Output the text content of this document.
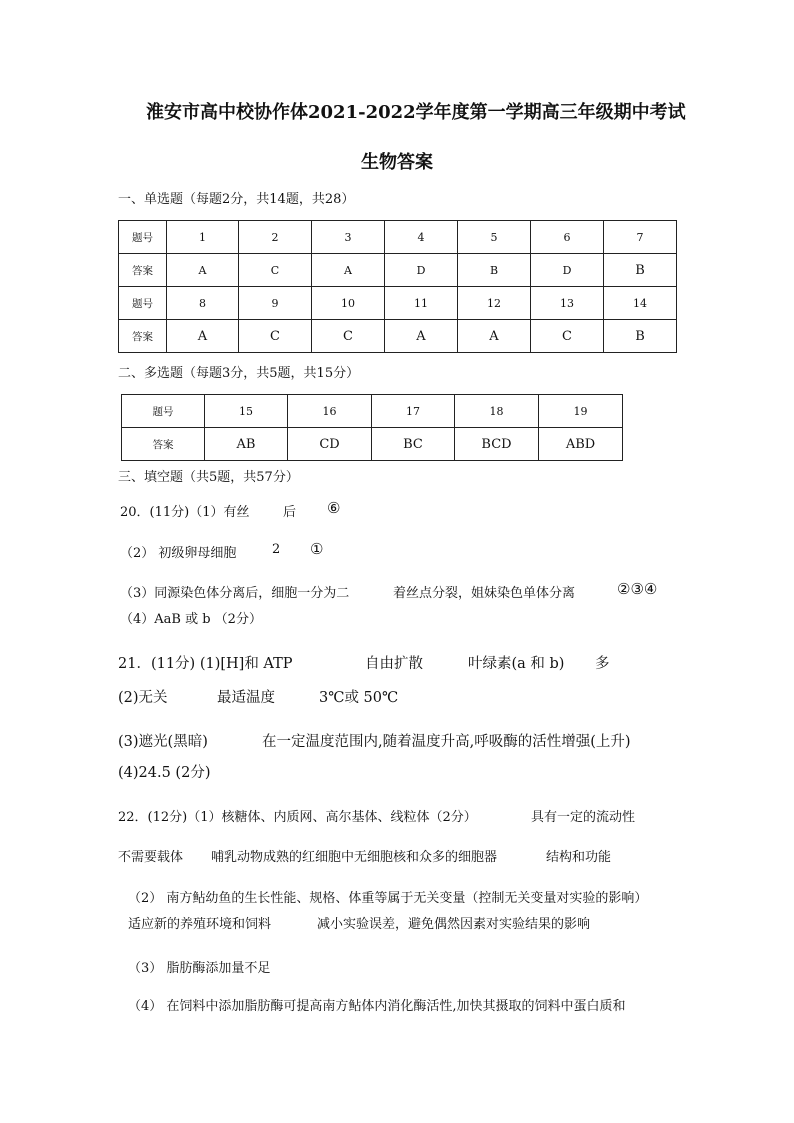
淮安市高中校协作体2021-2022学年度第一学期高三年级期中考试
生物答案
一、单选题（每题2分，共14题，共28）
题号	1	2	3	4	5	6	7
答案	A	C	A	D	B	D	B
题号	8	9	10	11	12	13	14
答案	A	C	C	A	A	C	B
二、多选题（每题3分，共5题，共15分）
题号	15	16	17	18	19
答案	AB	CD	BC	BCD	ABD
三、填空题（共5题，共57分）
20．(11分)（1）有丝	后 ⑥
（2） 初级卵母细胞	2 ①
（3）同源染色体分离后，细胞一分为二	着丝点分裂，姐妹染色单体分离	②③④
（4）AaB 或 b （2分）
21．(11分) (1)[H]和 ATP	自由扩散	叶绿素(a 和 b) 多
(2)无关	最适温度	3℃或 50℃
(3)遮光(黑暗)	在一定温度范围内,随着温度升高,呼吸酶的活性增强(上升)
(4)24.5 (2分)
22．(12分)（1）核糖体、内质网、高尔基体、线粒体（2分）	具有一定的流动性
不需要载体 哺乳动物成熟的红细胞中无细胞核和众多的细胞器	结构和功能
（2） 南方鲇幼鱼的生长性能、规格、体重等属于无关变量（控制无关变量对实验的影响）
适应新的养殖环境和饲料	减小实验误差，避免偶然因素对实验结果的影响
（3） 脂肪酶添加量不足
（4） 在饲料中添加脂肪酶可提高南方鲇体内消化酶活性,加快其摄取的饲料中蛋白质和
